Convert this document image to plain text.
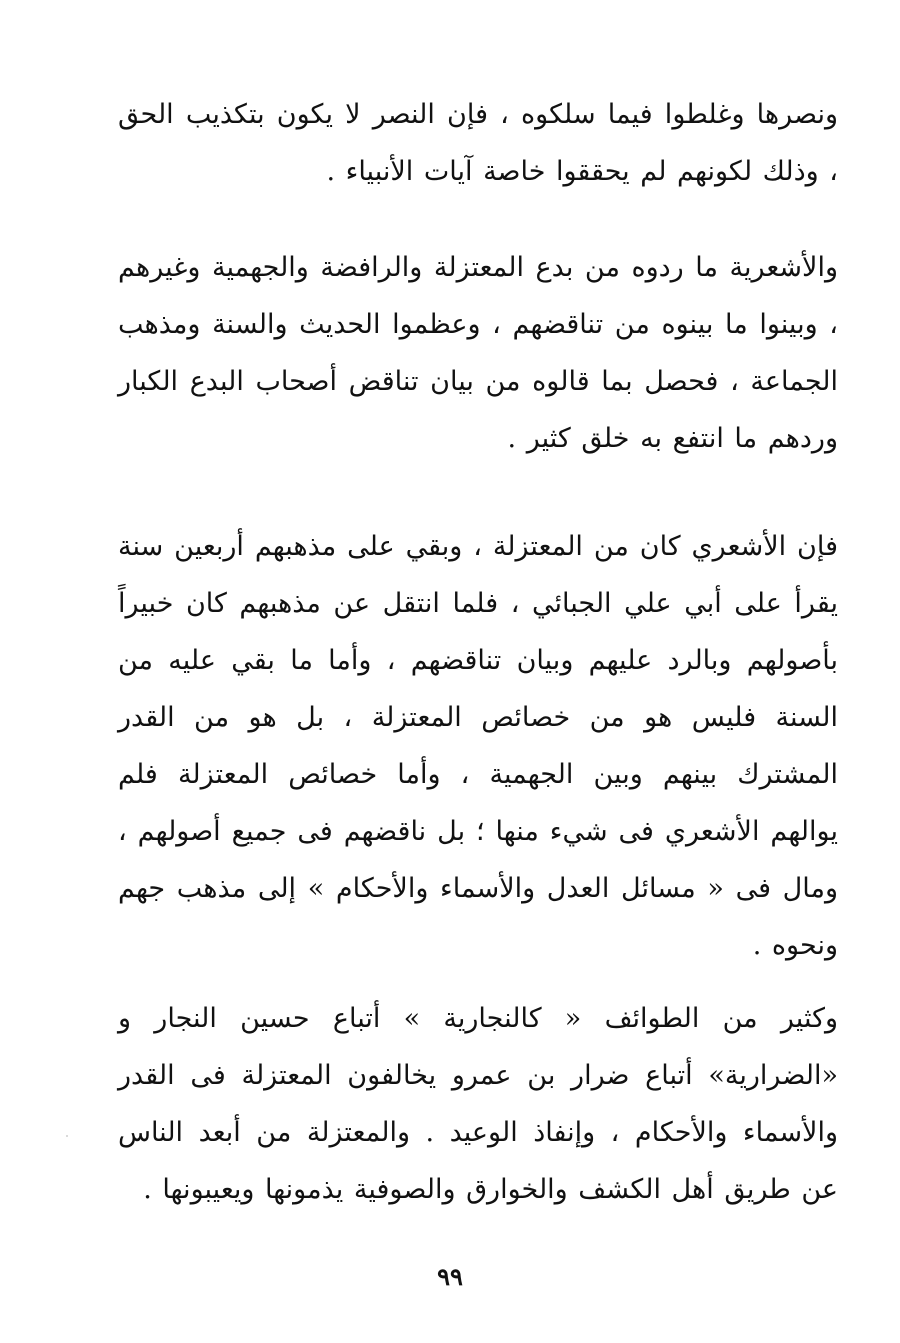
ونصرها وغلطوا فيما سلكوه ، فإن النصر لا يكون بتكذيب الحق ، وذلك لكونهم لم يحققوا خاصة آيات الأنبياء .

والأشعرية ما ردوه من بدع المعتزلة والرافضة والجهمية وغيرهم ، وبينوا ما بينوه من تناقضهم ، وعظموا الحديث والسنة ومذهب الجماعة ، فحصل بما قالوه من بيان تناقض أصحاب البدع الكبار وردهم ما انتفع به خلق كثير .

فإن الأشعري كان من المعتزلة ، وبقي على مذهبهم أربعين سنة يقرأ على أبي علي الجبائي ، فلما انتقل عن مذهبهم كان خبيراً بأصولهم وبالرد عليهم وبيان تناقضهم ، وأما ما بقي عليه من السنة فليس هو من خصائص المعتزلة ، بل هو من القدر المشترك بينهم وبين الجهمية ، وأما خصائص المعتزلة فلم يوالهم الأشعري فى شيء منها ؛ بل ناقضهم فى جميع أصولهم ، ومال فى « مسائل العدل والأسماء والأحكام » إلى مذهب جهم ونحوه .

وكثير من الطوائف « كالنجارية » أتباع حسين النجار و «الضرارية» أتباع ضرار بن عمرو يخالفون المعتزلة فى القدر والأسماء والأحكام ، وإنفاذ الوعيد . والمعتزلة من أبعد الناس عن طريق أهل الكشف والخوارق والصوفية يذمونها ويعيبونها .

٩٩
